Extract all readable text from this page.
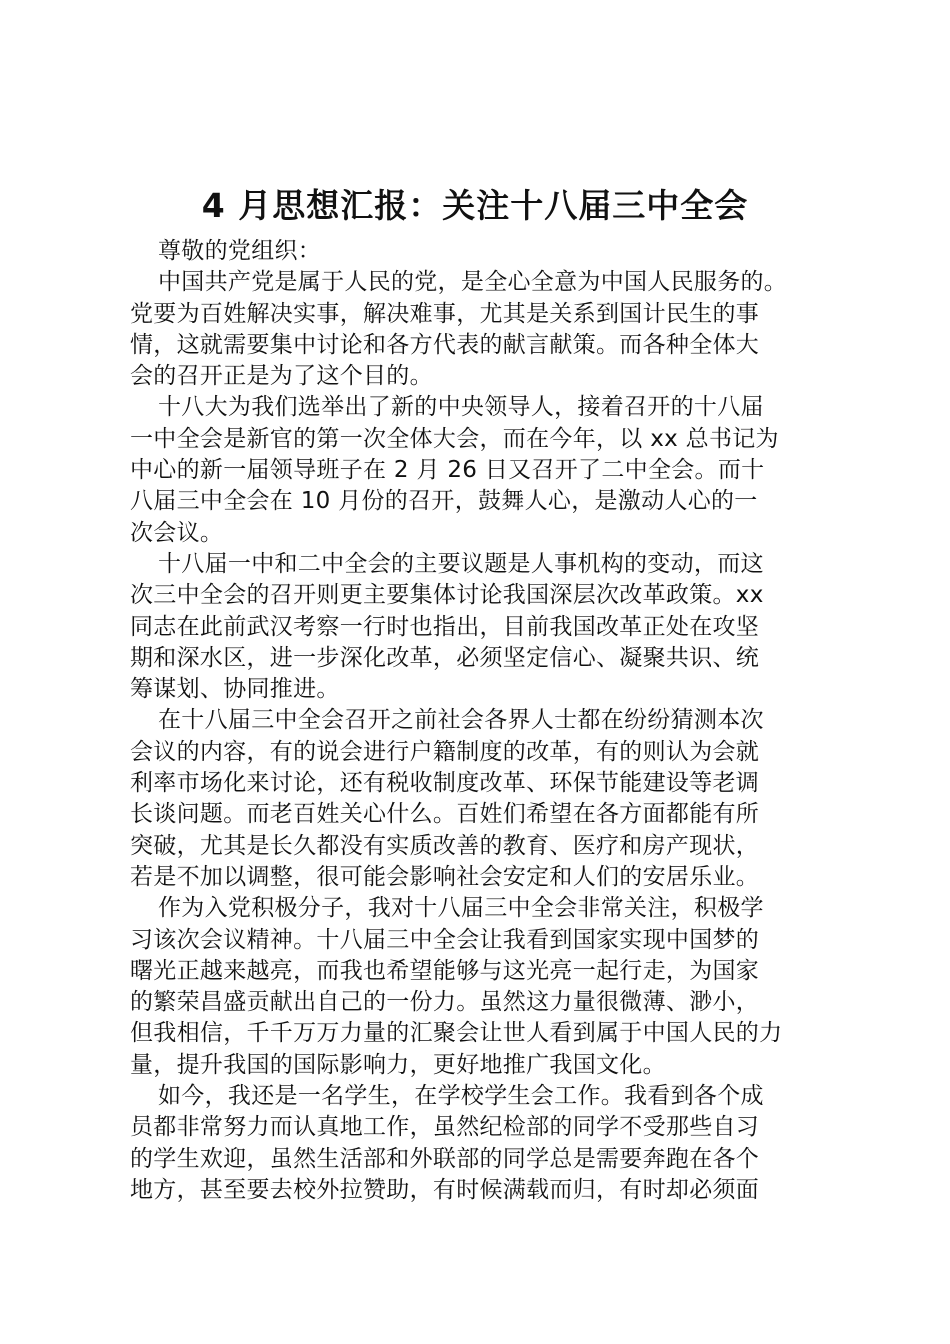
4 月思想汇报：关注十八届三中全会
尊敬的党组织：
中国共产党是属于人民的党，是全心全意为中国人民服务的。
党要为百姓解决实事，解决难事，尤其是关系到国计民生的事
情，这就需要集中讨论和各方代表的献言献策。而各种全体大
会的召开正是为了这个目的。
十八大为我们选举出了新的中央领导人，接着召开的十八届
一中全会是新官的第一次全体大会，而在今年，以 xx 总书记为
中心的新一届领导班子在 2 月 26 日又召开了二中全会。而十
八届三中全会在 10 月份的召开，鼓舞人心，是激动人心的一
次会议。
十八届一中和二中全会的主要议题是人事机构的变动，而这
次三中全会的召开则更主要集体讨论我国深层次改革政策。xx
同志在此前武汉考察一行时也指出，目前我国改革正处在攻坚
期和深水区，进一步深化改革，必须坚定信心、凝聚共识、统
筹谋划、协同推进。
在十八届三中全会召开之前社会各界人士都在纷纷猜测本次
会议的内容，有的说会进行户籍制度的改革，有的则认为会就
利率市场化来讨论，还有税收制度改革、环保节能建设等老调
长谈问题。而老百姓关心什么。百姓们希望在各方面都能有所
突破，尤其是长久都没有实质改善的教育、医疗和房产现状，
若是不加以调整，很可能会影响社会安定和人们的安居乐业。
作为入党积极分子，我对十八届三中全会非常关注，积极学
习该次会议精神。十八届三中全会让我看到国家实现中国梦的
曙光正越来越亮，而我也希望能够与这光亮一起行走，为国家
的繁荣昌盛贡献出自己的一份力。虽然这力量很微薄、渺小，
但我相信，千千万万力量的汇聚会让世人看到属于中国人民的力
量，提升我国的国际影响力，更好地推广我国文化。
如今，我还是一名学生，在学校学生会工作。我看到各个成
员都非常努力而认真地工作，虽然纪检部的同学不受那些自习
的学生欢迎，虽然生活部和外联部的同学总是需要奔跑在各个
地方，甚至要去校外拉赞助，有时候满载而归，有时却必须面
